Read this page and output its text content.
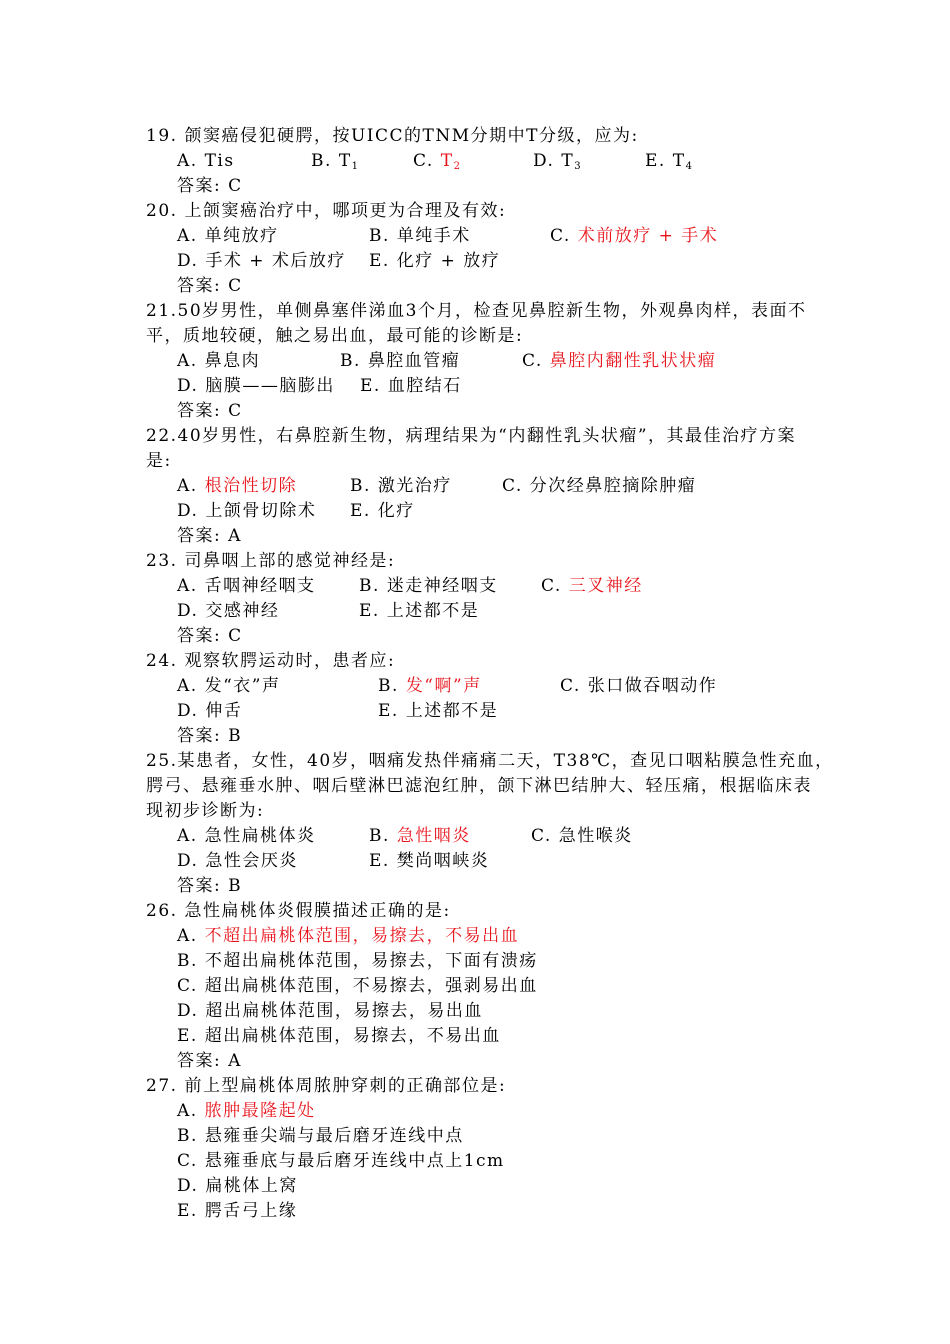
19. 颌窦癌侵犯硬腭，按UICC的TNM分期中T分级，应为:
A. Tis	B. $T_1$	C. $T_2$	D. $T_3$	E. $T_4$
答案: C
20. 上颌窦癌治疗中，哪项更为合理及有效:
A. 单纯放疗	B. 单纯手术	C. 术前放疗 + 手术
D. 手术 + 术后放疗 E. 化疗 + 放疗
答案: C
21.50岁男性，单侧鼻塞伴涕血3个月，检查见鼻腔新生物，外观鼻肉样，表面不
平，质地较硬，触之易出血，最可能的诊断是:
A. 鼻息肉	B. 鼻腔血管瘤	C. 鼻腔内翻性乳状状瘤
D. 脑膜——脑膨出 E. 血腔结石
答案: C
22.40岁男性，右鼻腔新生物，病理结果为“内翻性乳头状瘤”，其最佳治疗方案
是:
A. 根治性切除	B. 激光治疗	C. 分次经鼻腔摘除肿瘤
D. 上颌骨切除术 E. 化疗
答案: A
23. 司鼻咽上部的感觉神经是:
A. 舌咽神经咽支	B. 迷走神经咽支	C. 三叉神经
D. 交感神经	E. 上述都不是
答案: C
24. 观察软腭运动时，患者应:
A. 发“衣”声	B. 发“啊”声	C. 张口做吞咽动作
D. 伸舌	E. 上述都不是
答案: B
25.某患者，女性，40岁，咽痛发热伴痛痛二天，T38℃，查见口咽粘膜急性充血，
腭弓、悬雍垂水肿、咽后壁淋巴滤泡红肿，颌下淋巴结肿大、轻压痛，根据临床表
现初步诊断为:
A. 急性扁桃体炎	B. 急性咽炎	C. 急性喉炎
D. 急性会厌炎	E. 樊尚咽峡炎
答案: B
26. 急性扁桃体炎假膜描述正确的是:
A. 不超出扁桃体范围，易擦去，不易出血
B. 不超出扁桃体范围，易擦去，下面有溃疡
C. 超出扁桃体范围，不易擦去，强剥易出血
D. 超出扁桃体范围，易擦去，易出血
E. 超出扁桃体范围，易擦去，不易出血
答案: A
27. 前上型扁桃体周脓肿穿刺的正确部位是:
A. 脓肿最隆起处
B. 悬雍垂尖端与最后磨牙连线中点
C. 悬雍垂底与最后磨牙连线中点上1cm
D. 扁桃体上窝
E. 腭舌弓上缘
